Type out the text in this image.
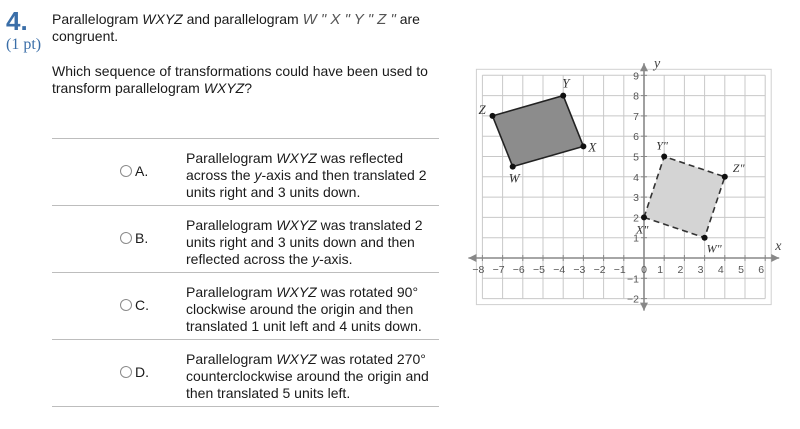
4.
(1 pt)
Parallelogram WXYZ and parallelogram W " X " Y " Z " are congruent.
Which sequence of transformations could have been used to transform parallelogram WXYZ?
A.
Parallelogram WXYZ was reflected across the y-axis and then translated 2 units right and 3 units down.
B.
Parallelogram WXYZ was translated 2 units right and 3 units down and then reflected across the y-axis.
C.
Parallelogram WXYZ was rotated 90° clockwise around the origin and then translated 1 unit left and 4 units down.
D.
Parallelogram WXYZ was rotated 270° counterclockwise around the origin and then translated 5 units left.
x
y
−8 −7 −6 −5 −4 −3 −2 −1 0 1 2 3 4 5 6
9
8
7
6
5
4
3
2
1
−1
−2
W
X
Y
Z
X"
Y"
Z"
W"
